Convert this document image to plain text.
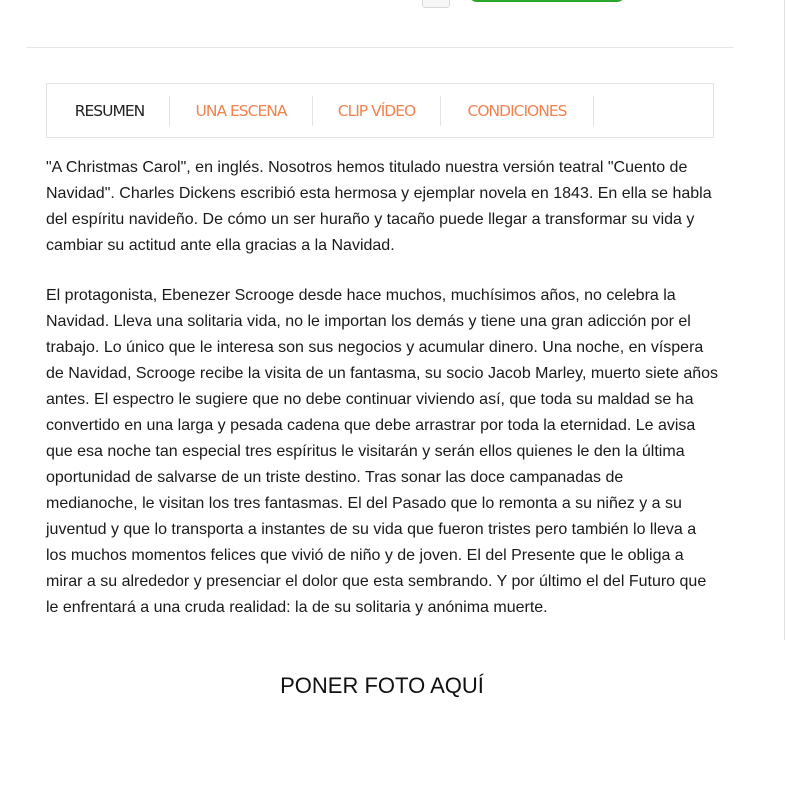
RESUMEN	UNA ESCENA	CLIP VÍDEO	CONDICIONES

"A Christmas Carol", en inglés. Nosotros hemos titulado nuestra versión teatral "Cuento de
Navidad". Charles Dickens escribió esta hermosa y ejemplar novela en 1843. En ella se habla
del espíritu navideño. De cómo un ser huraño y tacaño puede llegar a transformar su vida y
cambiar su actitud ante ella gracias a la Navidad.

El protagonista, Ebenezer Scrooge desde hace muchos, muchísimos años, no celebra la
Navidad. Lleva una solitaria vida, no le importan los demás y tiene una gran adicción por el
trabajo. Lo único que le interesa son sus negocios y acumular dinero. Una noche, en víspera
de Navidad, Scrooge recibe la visita de un fantasma, su socio Jacob Marley, muerto siete años
antes. El espectro le sugiere que no debe continuar viviendo así, que toda su maldad se ha
convertido en una larga y pesada cadena que debe arrastrar por toda la eternidad. Le avisa
que esa noche tan especial tres espíritus le visitarán y serán ellos quienes le den la última
oportunidad de salvarse de un triste destino. Tras sonar las doce campanadas de
medianoche, le visitan los tres fantasmas. El del Pasado que lo remonta a su niñez y a su
juventud y que lo transporta a instantes de su vida que fueron tristes pero también lo lleva a
los muchos momentos felices que vivió de niño y de joven. El del Presente que le obliga a
mirar a su alrededor y presenciar el dolor que esta sembrando. Y por último el del Futuro que
le enfrentará a una cruda realidad: la de su solitaria y anónima muerte.

PONER FOTO AQUÍ
